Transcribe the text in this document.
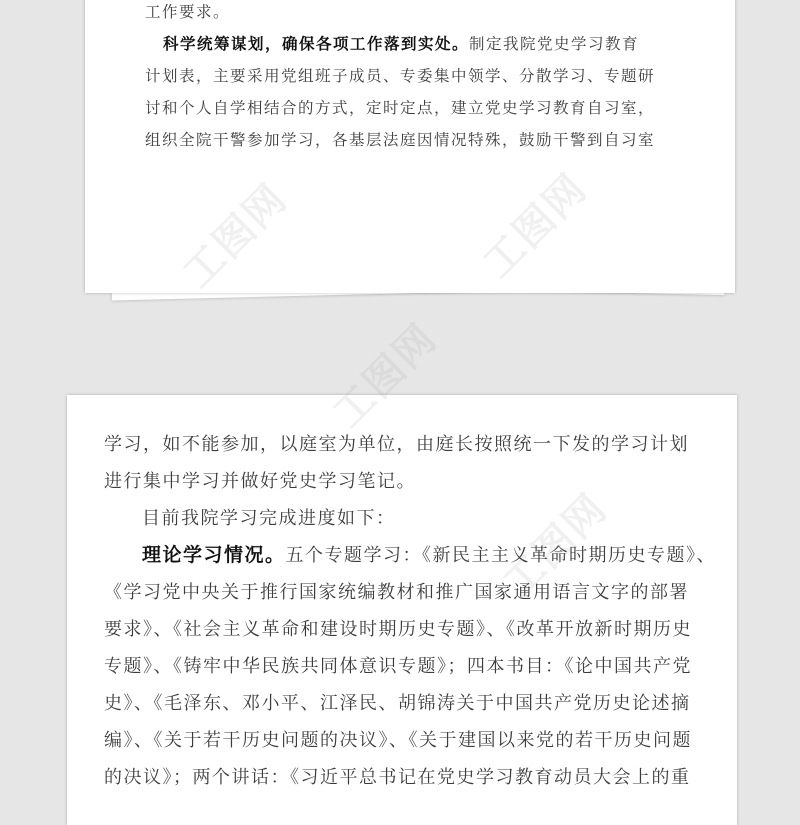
工作要求。
科学统筹谋划，确保各项工作落到实处。制定我院党史学习教育
计划表，主要采用党组班子成员、专委集中领学、分散学习、专题研
讨和个人自学相结合的方式，定时定点，建立党史学习教育自习室，
组织全院干警参加学习，各基层法庭因情况特殊，鼓励干警到自习室
学习，如不能参加，以庭室为单位，由庭长按照统一下发的学习计划
进行集中学习并做好党史学习笔记。
目前我院学习完成进度如下：
理论学习情况。五个专题学习：《新民主主义革命时期历史专题》、
《学习党中央关于推行国家统编教材和推广国家通用语言文字的部署
要求》、《社会主义革命和建设时期历史专题》、《改革开放新时期历史
专题》、《铸牢中华民族共同体意识专题》；四本书目：《论中国共产党
史》、《毛泽东、邓小平、江泽民、胡锦涛关于中国共产党历史论述摘
编》、《关于若干历史问题的决议》、《关于建国以来党的若干历史问题
的决议》；两个讲话：《习近平总书记在党史学习教育动员大会上的重
工图网
